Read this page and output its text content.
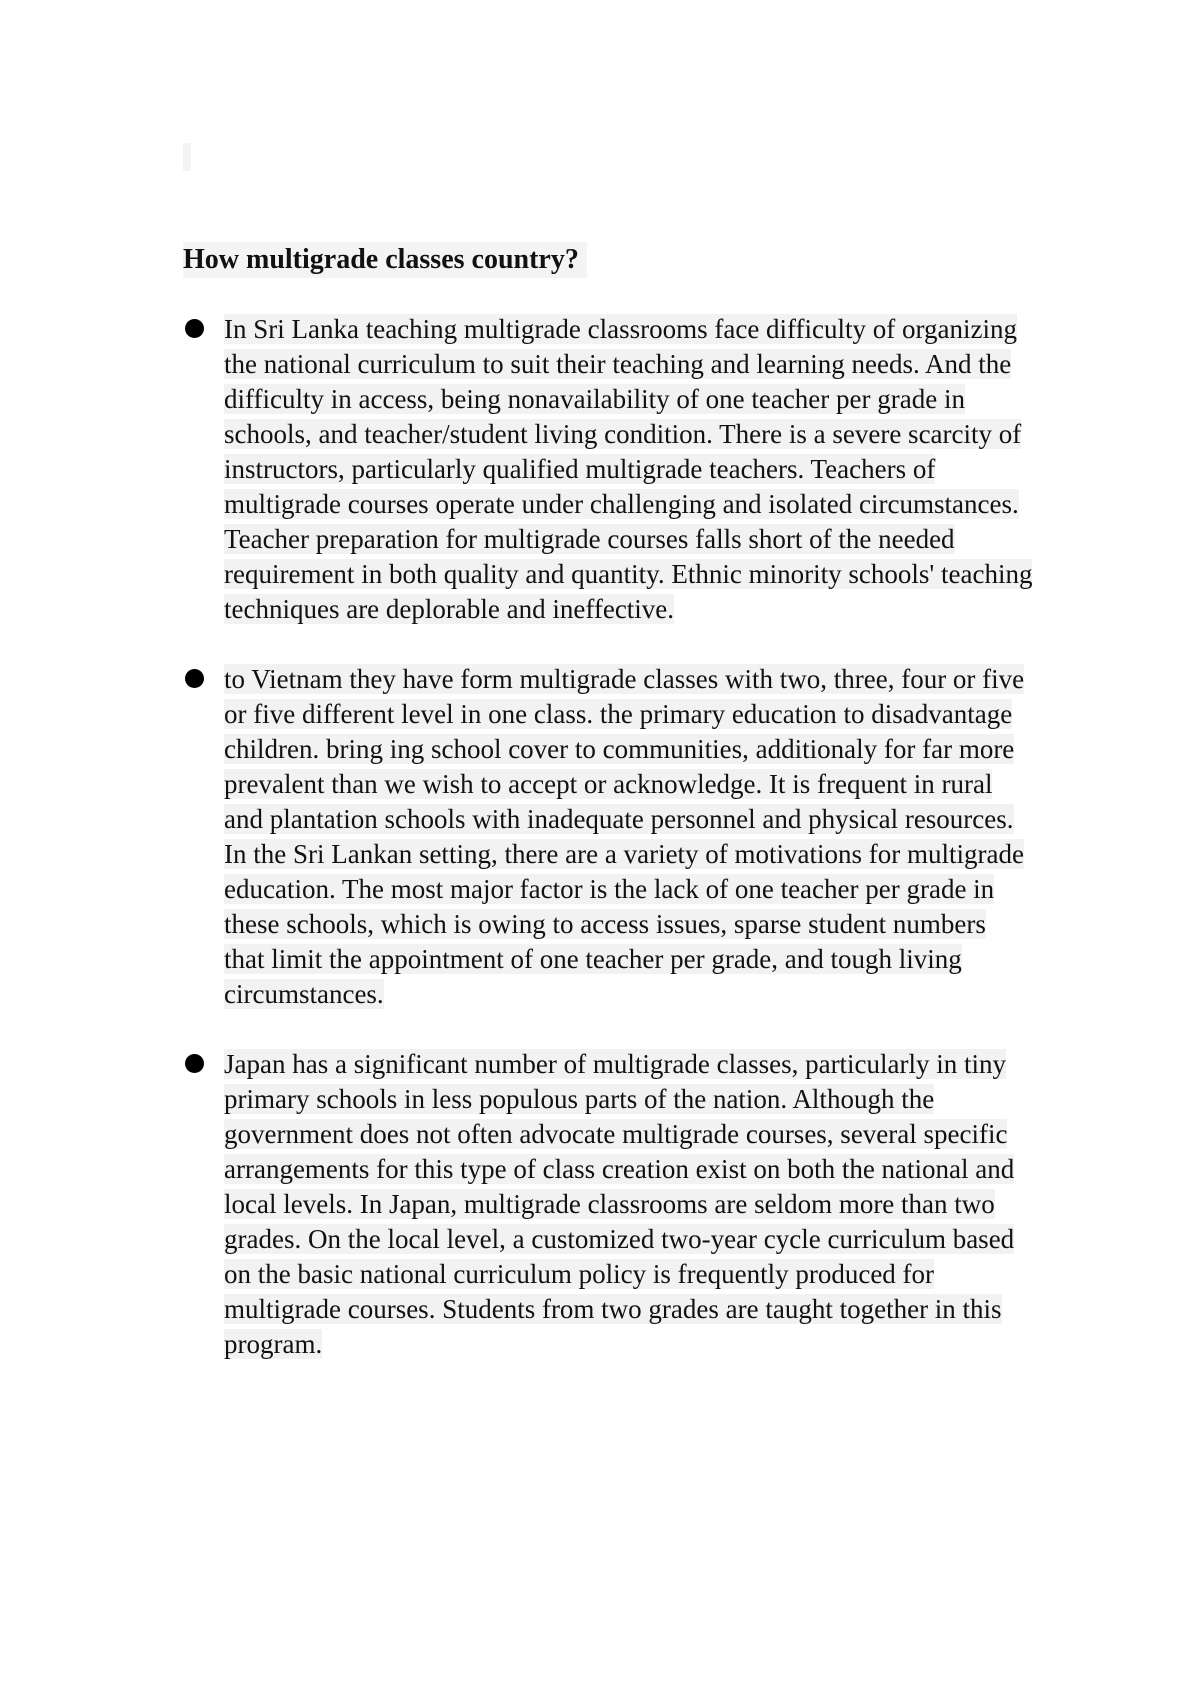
How multigrade classes country?
In Sri Lanka teaching multigrade classrooms face difficulty of organizing the national curriculum to suit their teaching and learning needs. And the difficulty in access, being nonavailability of one teacher per grade in schools, and teacher/student living condition. There is a severe scarcity of instructors, particularly qualified multigrade teachers. Teachers of multigrade courses operate under challenging and isolated circumstances. Teacher preparation for multigrade courses falls short of the needed requirement in both quality and quantity. Ethnic minority schools' teaching techniques are deplorable and ineffective.
to Vietnam they have form multigrade classes with two, three, four or five or five different level in one class. the primary education to disadvantage children. bring ing school cover to communities, additionaly for far more prevalent than we wish to accept or acknowledge. It is frequent in rural and plantation schools with inadequate personnel and physical resources. In the Sri Lankan setting, there are a variety of motivations for multigrade education. The most major factor is the lack of one teacher per grade in these schools, which is owing to access issues, sparse student numbers that limit the appointment of one teacher per grade, and tough living circumstances.
Japan has a significant number of multigrade classes, particularly in tiny primary schools in less populous parts of the nation. Although the government does not often advocate multigrade courses, several specific arrangements for this type of class creation exist on both the national and local levels. In Japan, multigrade classrooms are seldom more than two grades. On the local level, a customized two-year cycle curriculum based on the basic national curriculum policy is frequently produced for multigrade courses. Students from two grades are taught together in this program.
